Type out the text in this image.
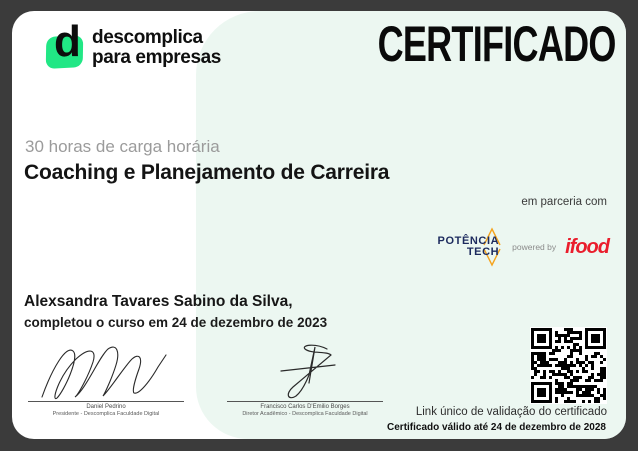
d descomplica
para empresas	CERTIFICADO
30 horas de carga horária
Coaching e Planejamento de Carreira
em parceria com
POTÊNCIA
TECH powered by ifood
Alexsandra Tavares Sabino da Silva,
completou o curso em 24 de dezembro de 2023
Daniel Pedrino
Presidente - Descomplica Faculdade Digital
Francisco Carlos D'Emilio Borges
Diretor Acadêmico - Descomplica Faculdade Digital	Link único de validação do certificado
Certificado válido até 24 de dezembro de 2028
